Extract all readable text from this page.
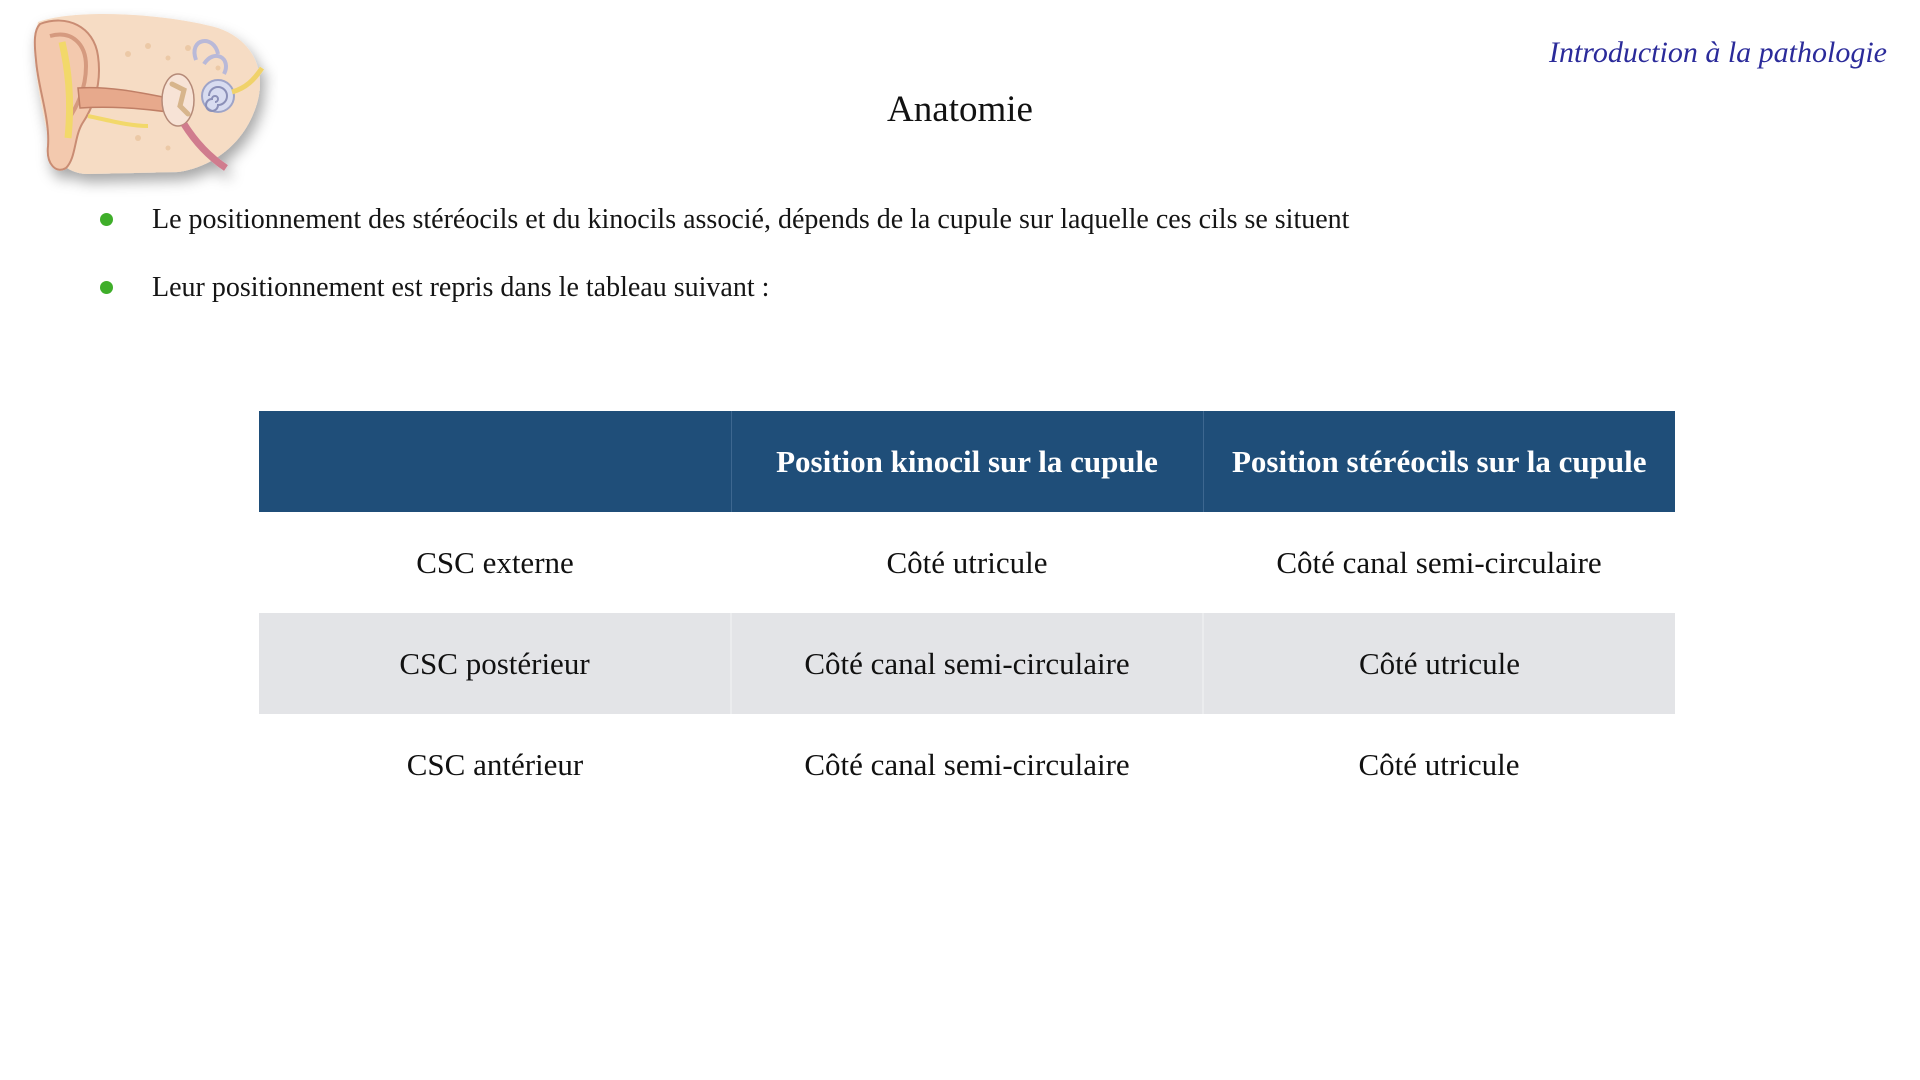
Introduction à la pathologie
Anatomie
Le positionnement des stéréocils et du kinocils associé, dépends de la cupule sur laquelle ces cils se situent
Leur positionnement est repris dans le tableau suivant :
	Position kinocil sur la cupule	Position stéréocils sur la cupule
CSC externe	Côté utricule	Côté canal semi-circulaire
CSC postérieur	Côté canal semi-circulaire	Côté utricule
CSC antérieur	Côté canal semi-circulaire	Côté utricule
